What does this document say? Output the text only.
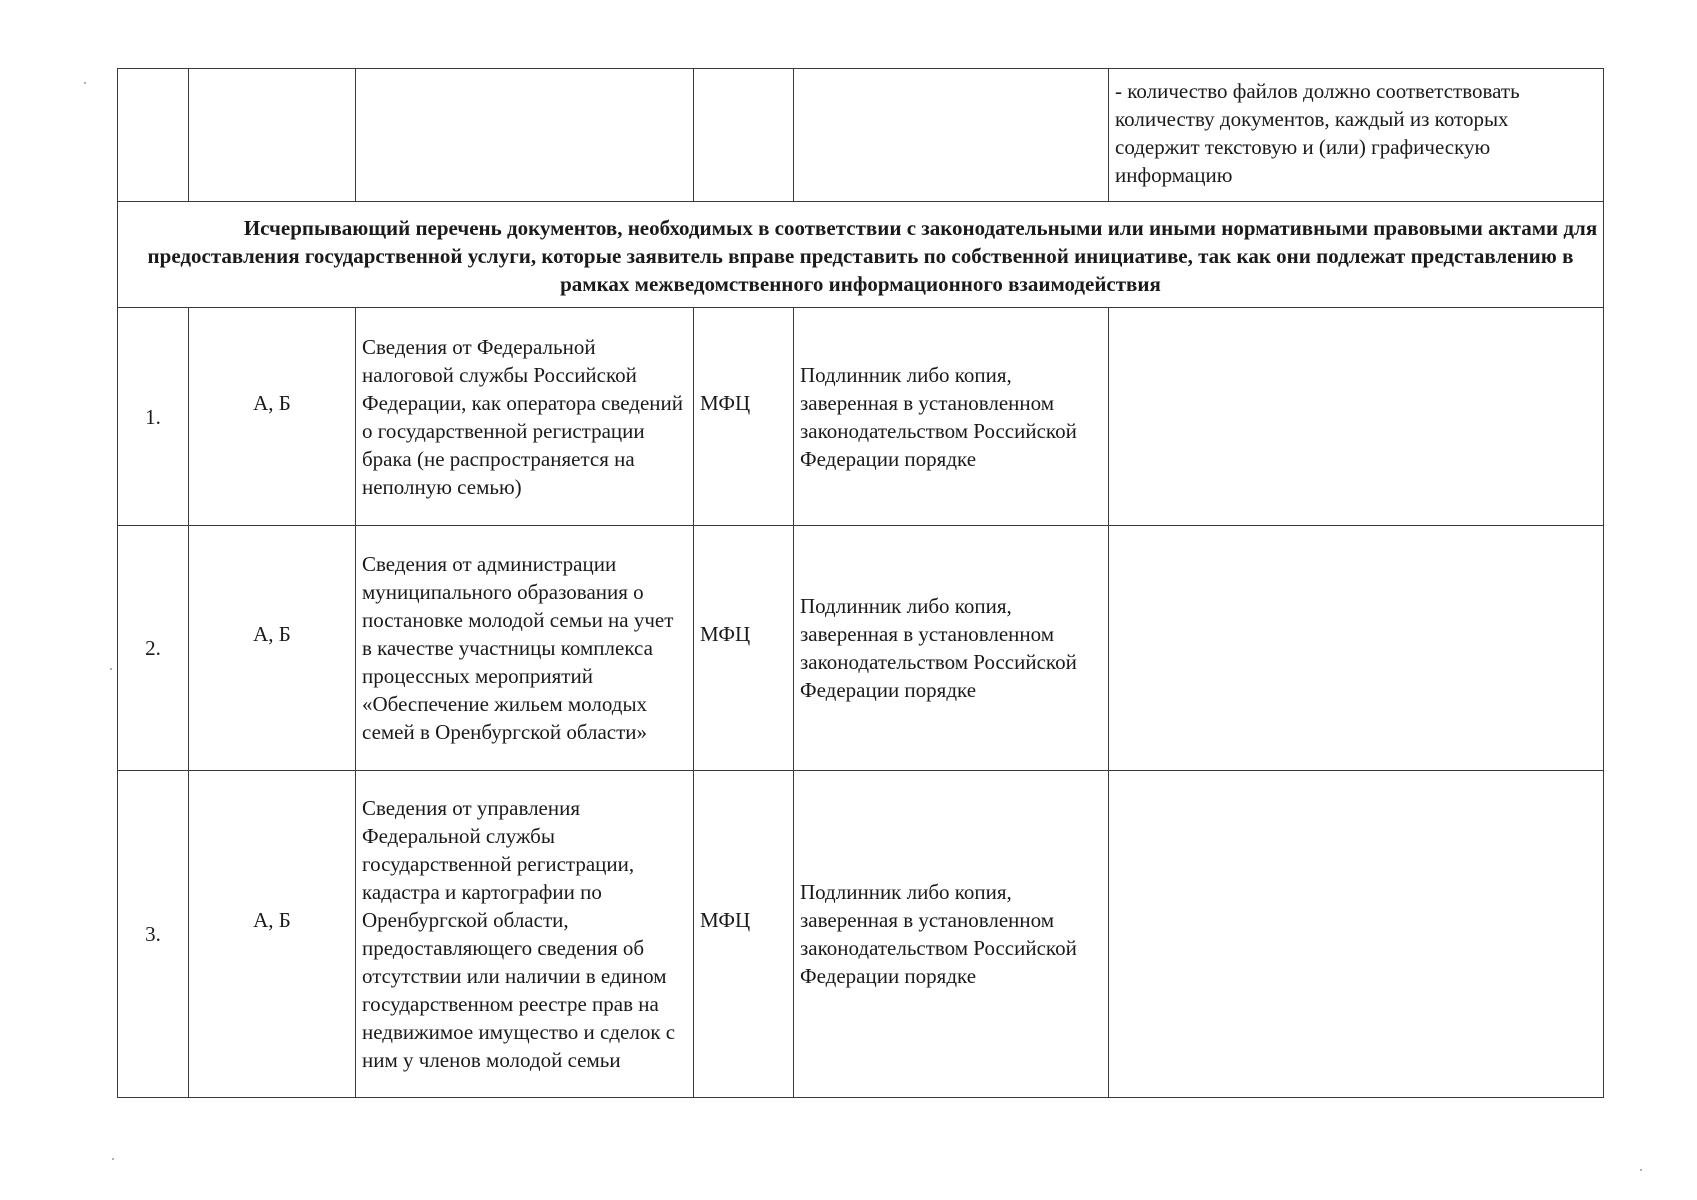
					- количество файлов должно соответствовать количеству документов, каждый из которых содержит текстовую и (или) графическую информацию
Исчерпывающий перечень документов, необходимых в соответствии с законодательными или иными нормативными правовыми актами для предоставления государственной услуги, которые заявитель вправе представить по собственной инициативе, так как они подлежат представлению в рамках межведомственного информационного взаимодействия					
1.	А, Б	Сведения от Федеральной налоговой службы Российской Федерации, как оператора сведений о государственной регистрации брака (не распространяется на неполную семью)	МФЦ	Подлинник либо копия, заверенная в установленном законодательством Российской Федерации порядке	
2.	А, Б	Сведения от администрации муниципального образования о постановке молодой семьи на учет в качестве участницы комплекса процессных мероприятий «Обеспечение жильем молодых семей в Оренбургской области»	МФЦ	Подлинник либо копия, заверенная в установленном законодательством Российской Федерации порядке	
3.	А, Б	Сведения от управления Федеральной службы государственной регистрации, кадастра и картографии по Оренбургской области, предоставляющего сведения об отсутствии или наличии в едином государственном реестре прав на недвижимое имущество и сделок с ним у членов молодой семьи	МФЦ	Подлинник либо копия, заверенная в установленном законодательством Российской Федерации порядке	
